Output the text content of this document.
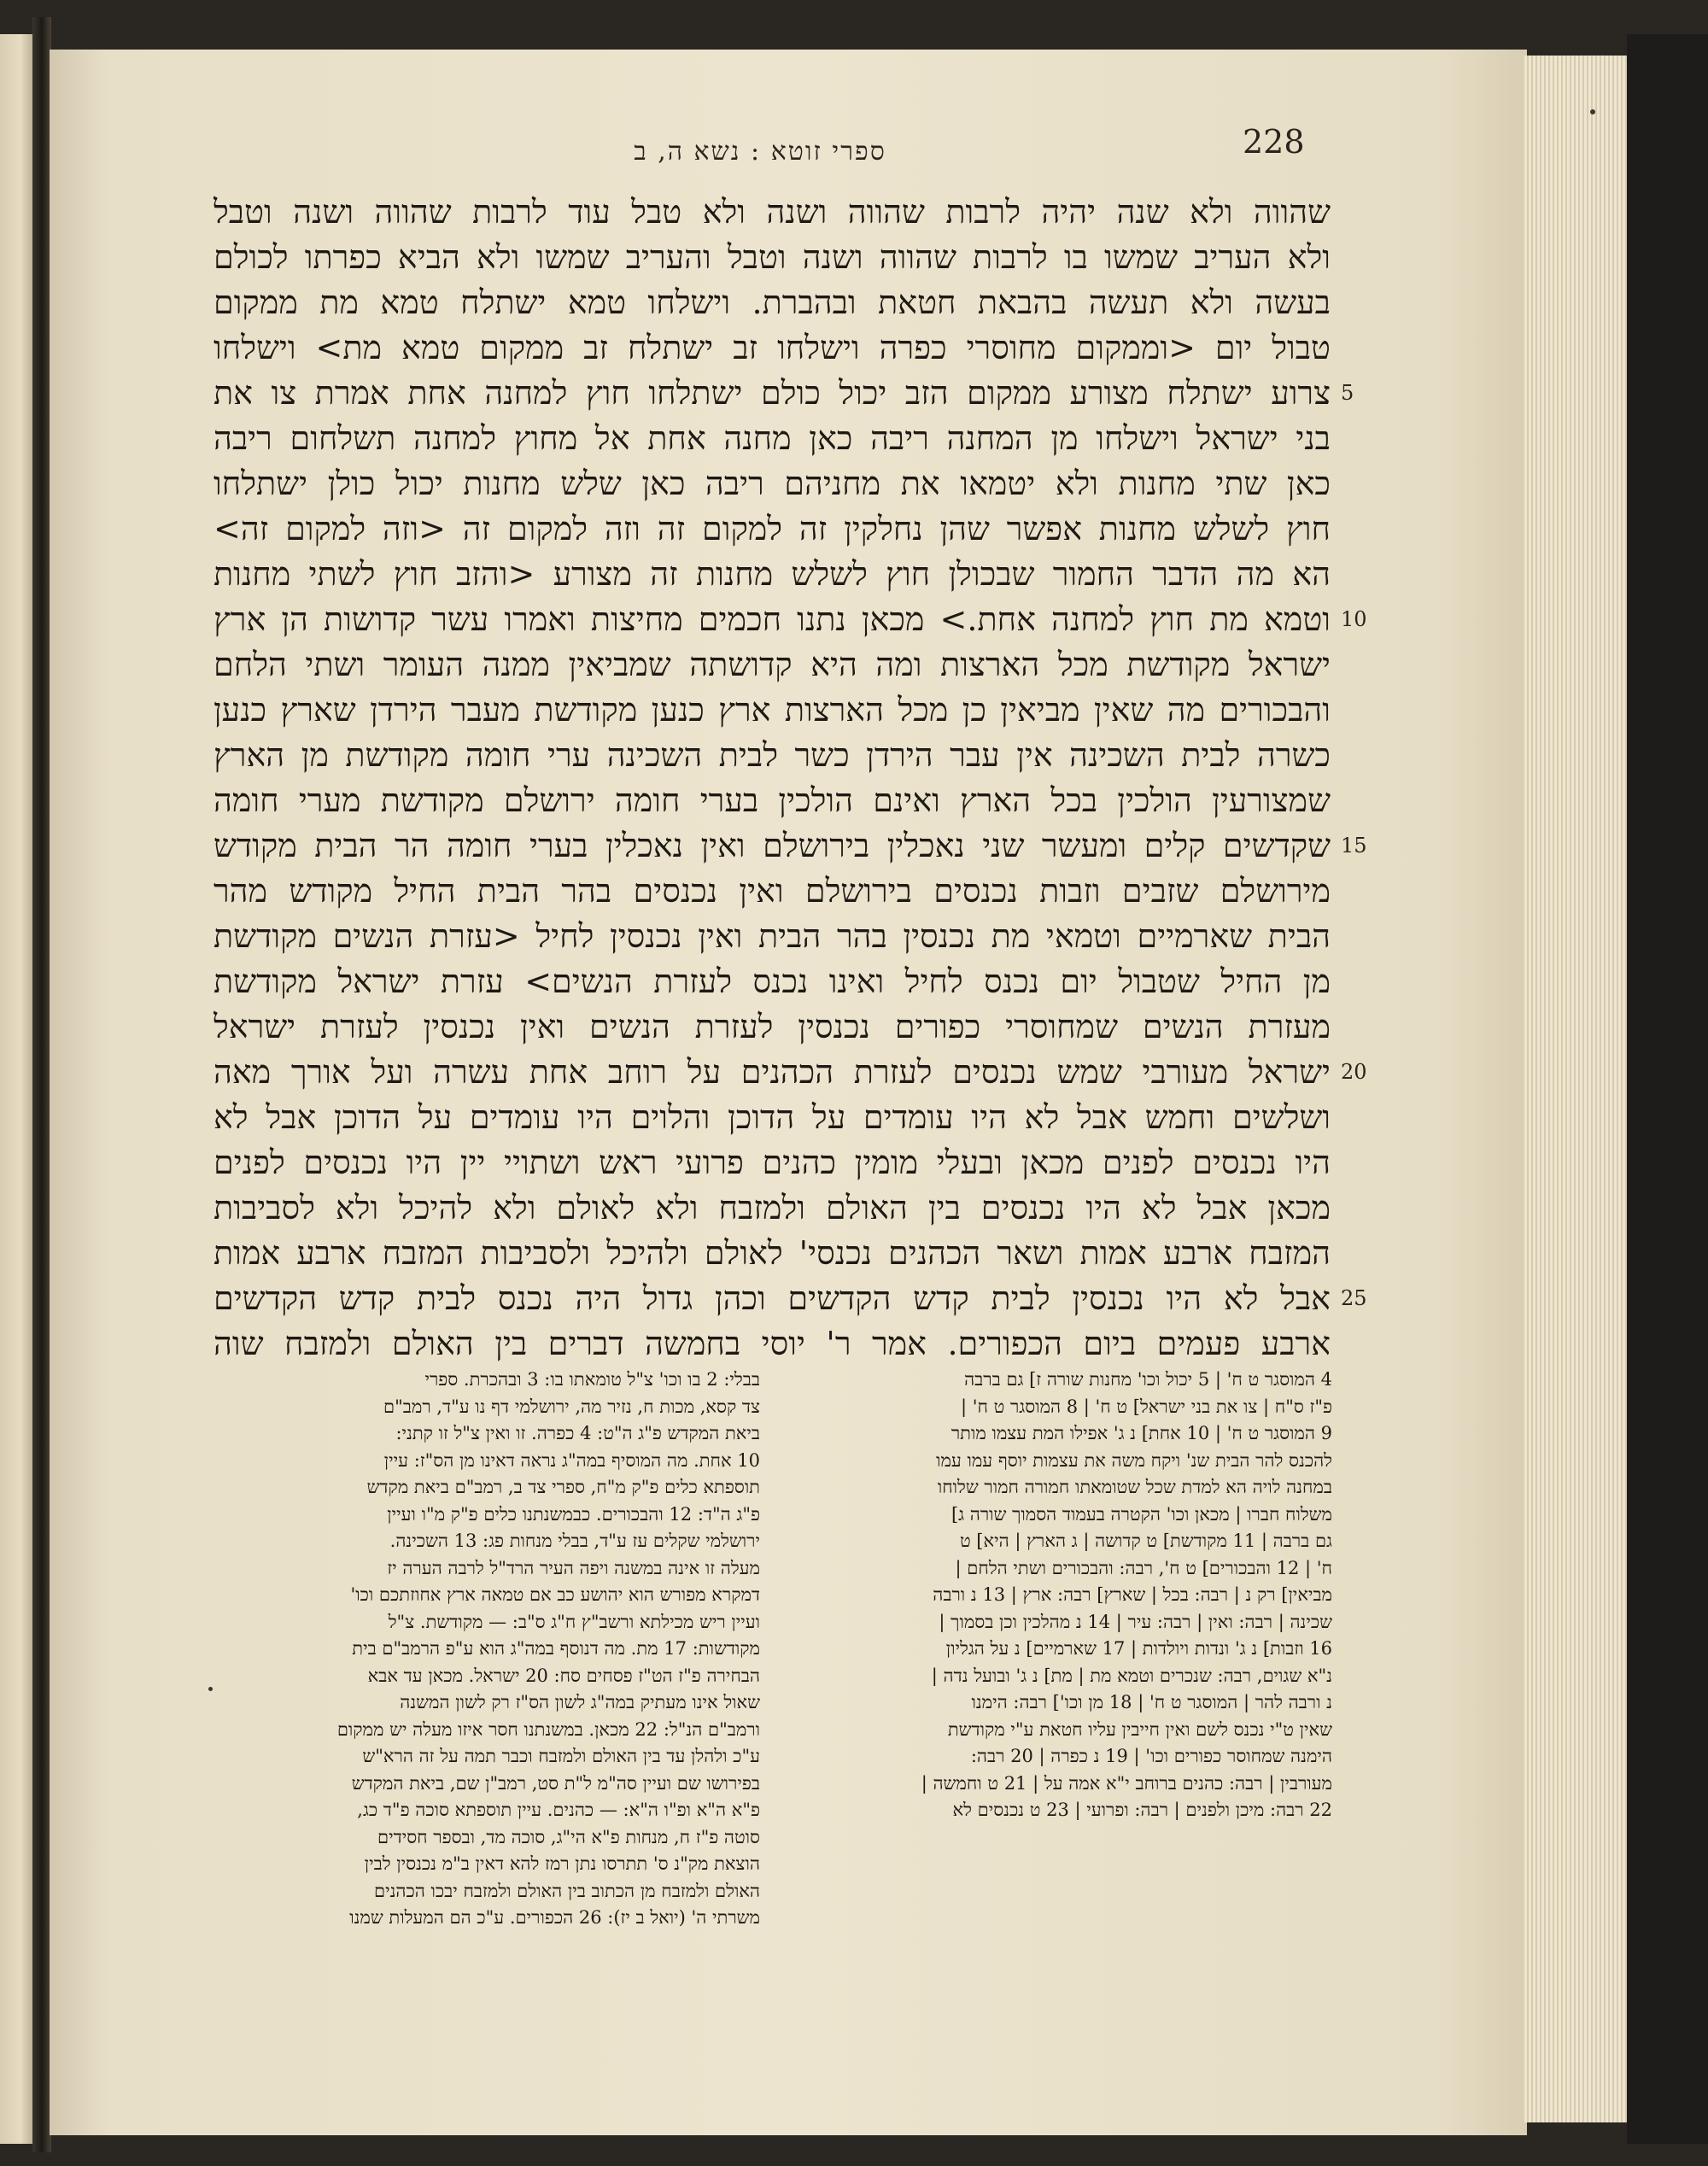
ספרי זוטא : נשא ה, ב	228
שהווה ולא שנה יהיה לרבות שהווה ושנה ולא טבל עוד לרבות שהווה ושנה וטבל
ולא העריב שמשו בו לרבות שהווה ושנה וטבל והעריב שמשו ולא הביא כפרתו לכולם
בעשה ולא תעשה בהבאת חטאת ובהברת. וישלחו טמא ישתלח טמא מת ממקום
טבול יום <וממקום מחוסרי כפרה וישלחו זב ישתלח זב ממקום טמא מת> וישלחו
צרוע ישתלח מצורע ממקום הזב יכול כולם ישתלחו חוץ למחנה אחת אמרת צו את
בני ישראל וישלחו מן המחנה ריבה כאן מחנה אחת אל מחוץ למחנה תשלחום ריבה
כאן שתי מחנות ולא יטמאו את מחניהם ריבה כאן שלש מחנות יכול כולן ישתלחו
חוץ לשלש מחנות אפשר שהן נחלקין זה למקום זה וזה למקום זה <וזה למקום זה>
הא מה הדבר החמור שבכולן חוץ לשלש מחנות זה מצורע <והזב חוץ לשתי מחנות
וטמא מת חוץ למחנה אחת.> מכאן נתנו חכמים מחיצות ואמרו עשר קדושות הן ארץ
ישראל מקודשת מכל הארצות ומה היא קדושתה שמביאין ממנה העומר ושתי הלחם
והבכורים מה שאין מביאין כן מכל הארצות ארץ כנען מקודשת מעבר הירדן שארץ כנען
כשרה לבית השכינה אין עבר הירדן כשר לבית השכינה ערי חומה מקודשת מן הארץ
שמצורעין הולכין בכל הארץ ואינם הולכין בערי חומה ירושלם מקודשת מערי חומה
שקדשים קלים ומעשר שני נאכלין בירושלם ואין נאכלין בערי חומה הר הבית מקודש
מירושלם שזבים וזבות נכנסים בירושלם ואין נכנסים בהר הבית החיל מקודש מהר
הבית שארמיים וטמאי מת נכנסין בהר הבית ואין נכנסין לחיל <עזרת הנשים מקודשת
מן החיל שטבול יום נכנס לחיל ואינו נכנס לעזרת הנשים> עזרת ישראל מקודשת
מעזרת הנשים שמחוסרי כפורים נכנסין לעזרת הנשים ואין נכנסין לעזרת ישראל
ישראל מעורבי שמש נכנסים לעזרת הכהנים על רוחב אחת עשרה ועל אורך מאה
ושלשים וחמש אבל לא היו עומדים על הדוכן והלוים היו עומדים על הדוכן אבל לא
היו נכנסים לפנים מכאן ובעלי מומין כהנים פרועי ראש ושתויי יין היו נכנסים לפנים
מכאן אבל לא היו נכנסים בין האולם ולמזבח ולא לאולם ולא להיכל ולא לסביבות
המזבח ארבע אמות ושאר הכהנים נכנסי' לאולם ולהיכל ולסביבות המזבח ארבע אמות
אבל לא היו נכנסין לבית קדש הקדשים וכהן גדול היה נכנס לבית קדש הקדשים
ארבע פעמים ביום הכפורים. אמר ר' יוסי בחמשה דברים בין האולם ולמזבח שוה
5
10
15
20
25
4 המוסגר ט ח' | 5 יכול וכו' מחנות שורה ז] גם ברבה
פ"ז ס"ח | צו את בני ישראל] ט ח' | 8 המוסגר ט ח' |
9 המוסגר ט ח' | 10 אחת] נ ג' אפילו המת עצמו מותר
להכנס להר הבית שנ' ויקח משה את עצמות יוסף עמו עמו
במחנה לויה הא למדת שכל שטומאתו חמורה חמור שלוחו
משלוח חברו | מכאן וכו' הקטרה בעמוד הסמוך שורה ג]
גם ברבה | 11 מקודשת] ט קדושה | ג הארץ | היא] ט
ח' | 12 והבכורים] ט ח', רבה: והבכורים ושתי הלחם |
מביאין] רק נ | רבה: בכל | שארץ] רבה: ארץ | 13 נ ורבה
שכינה | רבה: ואין | רבה: עיר | 14 נ מהלכין וכן בסמוך |
16 וזבות] נ ג' ונדות ויולדות | 17 שארמיים] נ על הגליון
נ"א שגוים, רבה: שנכרים וטמא מת | מת] נ ג' ובועל נדה |
נ ורבה להר | המוסגר ט ח' | 18 מן וכו'] רבה: הימנו
שאין ט"י נכנס לשם ואין חייבין עליו חטאת ע"י מקודשת
הימנה שמחוסר כפורים וכו' | 19 נ כפרה | 20 רבה:
מעורבין | רבה: כהנים ברוחב י"א אמה על | 21 ט וחמשה |
22 רבה: מיכן ולפנים | רבה: ופרועי | 23 ט נכנסים לא
בבלי: 2 בו וכו' צ"ל טומאתו בו: 3 ובהכרת. ספרי
צד קסא, מכות ח, נזיר מה, ירושלמי דף נו ע"ד, רמב"ם
ביאת המקדש פ"ג ה"ט: 4 כפרה. זו ואין צ"ל זו קתני:
10 אחת. מה המוסיף במה"ג נראה דאינו מן הס"ז: עיין
תוספתא כלים פ"ק מ"ח, ספרי צד ב, רמב"ם ביאת מקדש
פ"ג ה"ד: 12 והבכורים. כבמשנתנו כלים פ"ק מ"ו ועיין
ירושלמי שקלים עז ע"ד, בבלי מנחות פג: 13 השכינה.
מעלה זו אינה במשנה ויפה העיר הרד"ל לרבה הערה יז
דמקרא מפורש הוא יהושע כב אם טמאה ארץ אחוזתכם וכו'
ועיין ריש מכילתא ורשב"ץ ח"ג ס"ב: — מקודשת. צ"ל
מקודשות: 17 מת. מה דנוסף במה"ג הוא ע"פ הרמב"ם בית
הבחירה פ"ז הט"ז פסחים סח: 20 ישראל. מכאן עד אבא
שאול אינו מעתיק במה"ג לשון הס"ז רק לשון המשנה
ורמב"ם הנ"ל: 22 מכאן. במשנתנו חסר איזו מעלה יש ממקום
ע"כ ולהלן עד בין האולם ולמזבח וכבר תמה על זה הרא"ש
בפירושו שם ועיין סה"מ ל"ת סט, רמב"ן שם, ביאת המקדש
פ"א ה"א ופ"ו ה"א: — כהנים. עיין תוספתא סוכה פ"ד כג,
סוטה פ"ז ח, מנחות פ"א הי"ג, סוכה מד, ובספר חסידים
הוצאת מק"נ ס' תתרסו נתן רמז להא דאין ב"מ נכנסין לבין
האולם ולמזבח מן הכתוב בין האולם ולמזבח יבכו הכהנים
משרתי ה' (יואל ב יז): 26 הכפורים. ע"כ הם המעלות שמנו
